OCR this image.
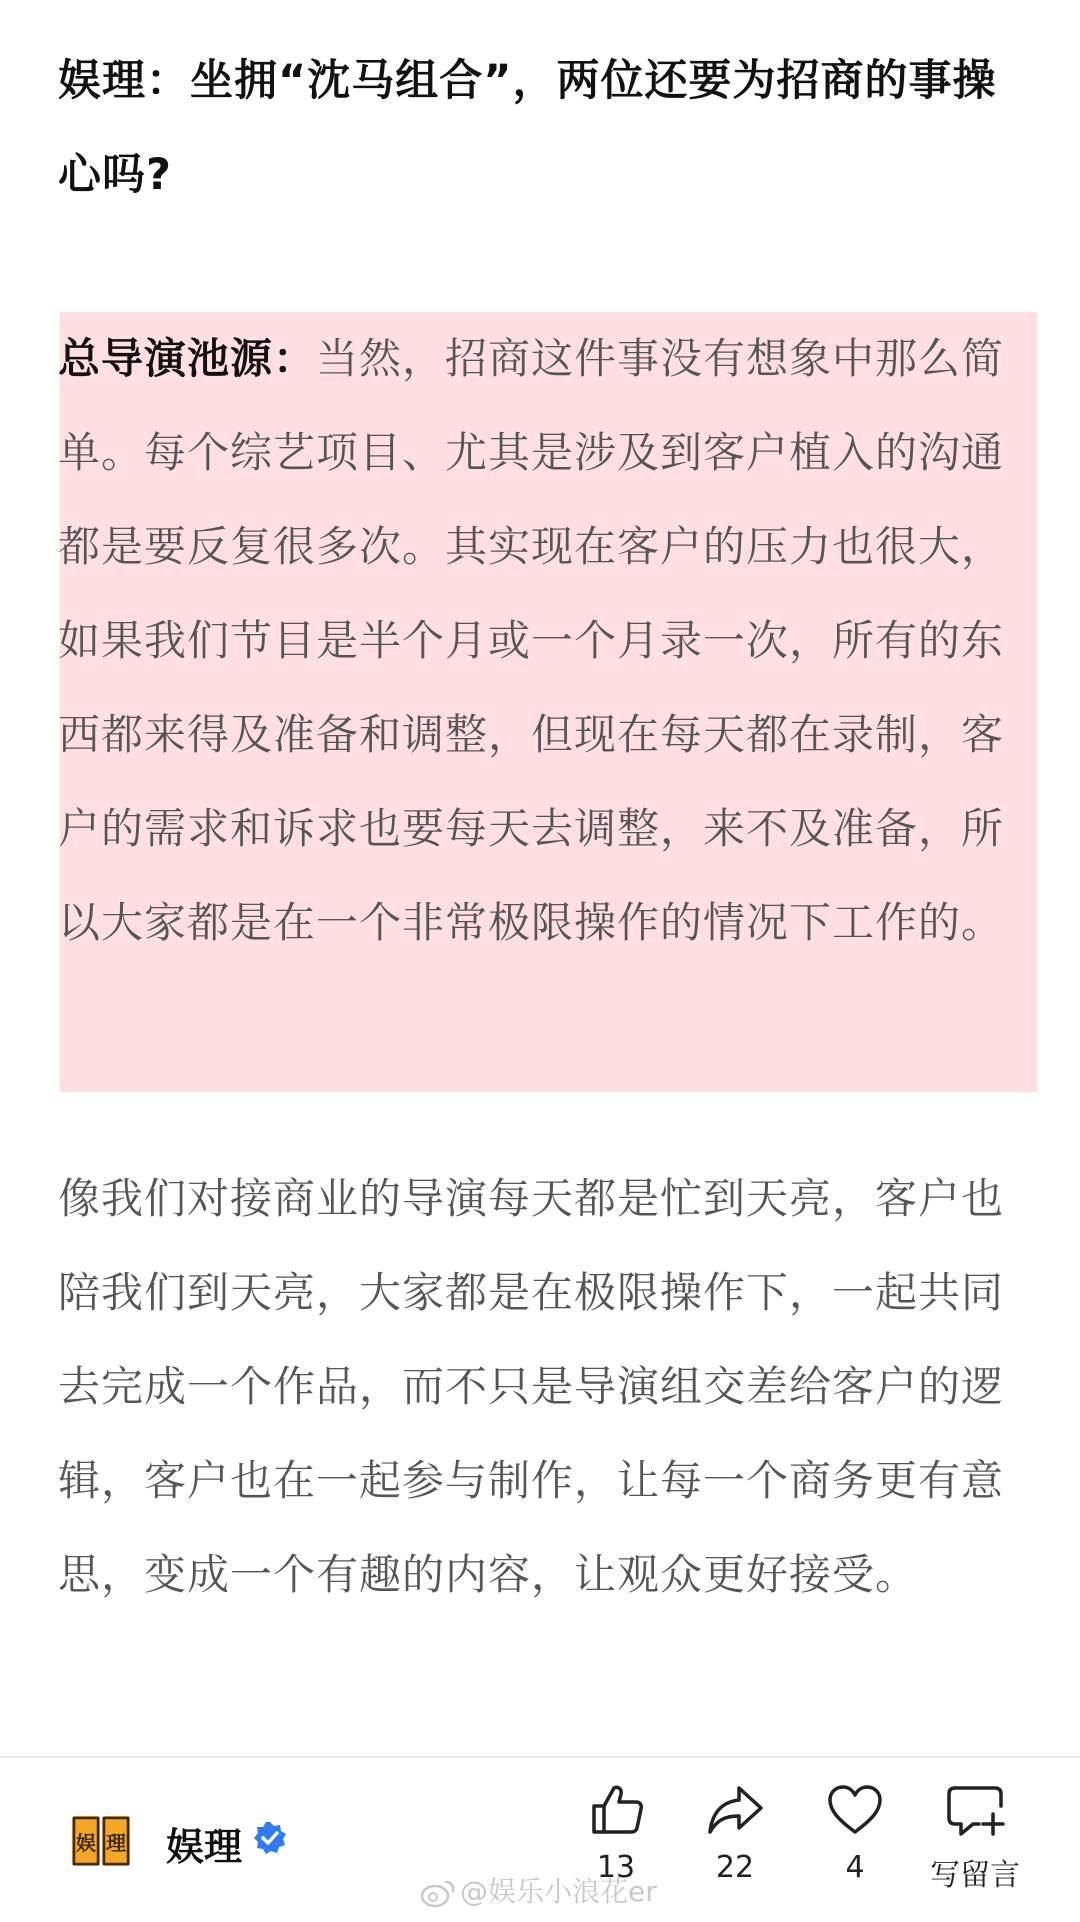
娱理：坐拥“沈马组合”，两位还要为招商的事操心吗?
总导演池源：当然，招商这件事没有想象中那么简单。每个综艺项目、尤其是涉及到客户植入的沟通都是要反复很多次。其实现在客户的压力也很大，如果我们节目是半个月或一个月录一次，所有的东西都来得及准备和调整，但现在每天都在录制，客户的需求和诉求也要每天去调整，来不及准备，所以大家都是在一个非常极限操作的情况下工作的。
像我们对接商业的导演每天都是忙到天亮，客户也陪我们到天亮，大家都是在极限操作下，一起共同去完成一个作品，而不只是导演组交差给客户的逻辑，客户也在一起参与制作，让每一个商务更有意思，变成一个有趣的内容，让观众更好接受。
娱 理 娱理	13	22	4	写留言
@娱乐小浪花er
